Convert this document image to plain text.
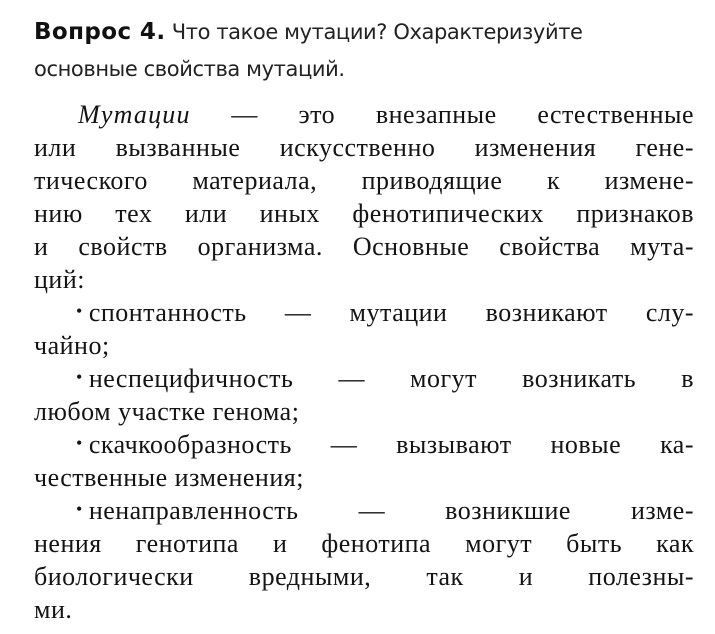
Вопрос 4. Что такое мутации? Охарактеризуйте
основные свойства мутаций.
Мутации — это внезапные естественные
или вызванные искусственно изменения гене-
тического материала, приводящие к измене-
нию тех или иных фенотипических признаков
и свойств организма. Основные свойства мута-
ций:
• спонтанность — мутации возникают слу-
чайно;
• неспецифичность — могут возникать в
любом участке генома;
• скачкообразность — вызывают новые ка-
чественные изменения;
• ненаправленность — возникшие изме-
нения генотипа и фенотипа могут быть как
биологически вредными, так и полезны-
ми.
